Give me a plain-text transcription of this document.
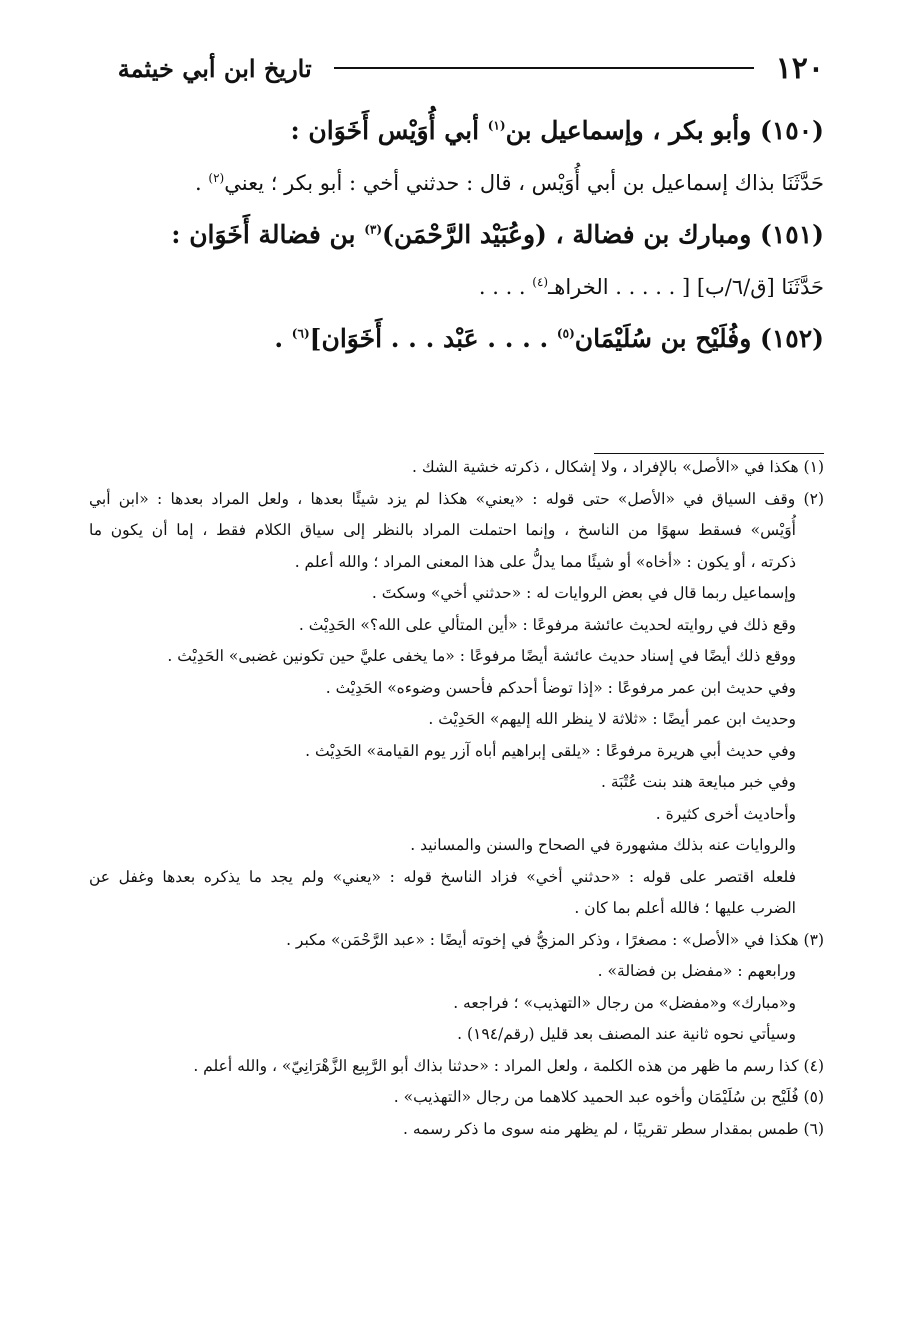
١٢٠
تاريخ ابن أبي خيثمة
(١٥٠) وأبو بكر ، وإسماعيل بن$^{(١)}$ أبي أُوَيْس أَخَوَان :
حَدَّثَنَا بذاك إسماعيل بن أبي أُوَيْس ، قال : حدثني أخي : أبو بكر ؛ يعني$^{(٢)}$ .
(١٥١) ومبارك بن فضالة ، (وعُبَيْد الرَّحْمَن)$^{(٣)}$ بن فضالة أَخَوَان :
حَدَّثَنَا [ق/٦/ب] [ . . . . . الخراهـ$^{(٤)}$ . . . .
(١٥٢) وفُلَيْح بن سُلَيْمَان$^{(٥)}$ . . . . عَبْد . . . أَخَوَان]$^{(٦)}$ .
(١) هكذا في «الأصل» بالإفراد ، ولا إشكال ، ذكرته خشية الشك .
(٢) وقف السياق في «الأصل» حتى قوله : «يعني» هكذا لم يزد شيئًا بعدها ، ولعل المراد بعدها : «ابن أبي
أُوَيْس» فسقط سهوًا من الناسخ ، وإنما احتملت المراد بالنظر إلى سياق الكلام فقط ، إما أن يكون ما
ذكرته ، أو يكون : «أخاه» أو شيئًا مما يدلُّ على هذا المعنى المراد ؛ والله أعلم .
وإسماعيل ربما قال في بعض الروايات له : «حدثني أخي» وسكتَ .
وقع ذلك في روايته لحديث عائشة مرفوعًا : «أين المتألي على الله؟» الحَدِيْث .
ووقع ذلك أيضًا في إسناد حديث عائشة أيضًا مرفوعًا : «ما يخفى عليَّ حين تكونين غضبى» الحَدِيْث .
وفي حديث ابن عمر مرفوعًا : «إذا توضأ أحدكم فأحسن وضوءه» الحَدِيْث .
وحديث ابن عمر أيضًا : «ثلاثة لا ينظر الله إليهم» الحَدِيْث .
وفي حديث أبي هريرة مرفوعًا : «يلقى إبراهيم أباه آزر يوم القيامة» الحَدِيْث .
وفي خبر مبايعة هند بنت عُتْبَة .
وأحاديث أخرى كثيرة .
والروايات عنه بذلك مشهورة في الصحاح والسنن والمسانيد .
فلعله اقتصر على قوله : «حدثني أخي» فزاد الناسخ قوله : «يعني» ولم يجد ما يذكره بعدها وغفل عن
الضرب عليها ؛ فالله أعلم بما كان .
(٣) هكذا في «الأصل» : مصغرًا ، وذكر المزيُّ في إخوته أيضًا : «عبد الرَّحْمَن» مكبر .
ورابعهم : «مفضل بن فضالة» .
و«مبارك» و«مفضل» من رجال «التهذيب» ؛ فراجعه .
وسيأتي نحوه ثانية عند المصنف بعد قليل (رقم/١٩٤) .
(٤) كذا رسم ما ظهر من هذه الكلمة ، ولعل المراد : «حدثنا بذاك أبو الرَّبِيع الزَّهْرَانِيّ» ، والله أعلم .
(٥) فُلَيْح بن سُلَيْمَان وأخوه عبد الحميد كلاهما من رجال «التهذيب» .
(٦) طمس بمقدار سطر تقريبًا ، لم يظهر منه سوى ما ذكر رسمه .
